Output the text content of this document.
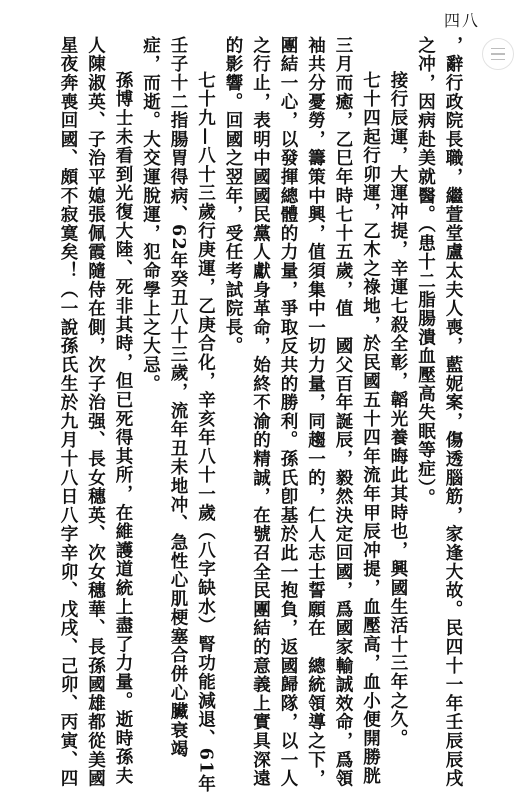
四八

，辭行政院長職，繼萱堂盧太夫人喪，藍妮案，傷透腦筋，家逢大故。民四十一年壬辰辰戌之冲，因病赴美就醫。（患十二脂腸潰血壓高失眠等症）。

接行辰運，大運冲提，辛運七殺全彰，韜光養晦此其時也，興國生活十三年之久。

七十四起行卯運，乙木之祿地，於民國五十四年流年甲辰冲提，血壓高，血小便開勝胱三月而癒，乙巳年時七十五歲，值　國父百年誕辰，毅然決定回國，爲國家輸誠效命，爲領袖共分憂勞，籌策中興，值須集中一切力量，同趨一的，仁人志士誓願在　總統領導之下，團結一心，以發揮總體的力量，爭取反共的勝利。孫氏卽基於此一抱負，返國歸隊，以一人之行止，表明中國國民黨人獻身革命，始終不渝的精誠，在號召全民團結的意義上實具深遠的影響。回國之翌年，受任考試院長。

七十九—八十三歲行庚運，乙庚合化，辛亥年八十一歲（八字缺水）腎功能減退、61年壬子十二指腸胃得病、62年癸丑八十三歲，流年丑未地冲、急性心肌梗塞合併心臟衰竭症，而逝。大交運脫運，犯命學上之大忌。

孫博士未看到光復大陸、死非其時，但已死得其所，在維護道統上盡了力量。逝時孫夫人陳淑英、子治平媳張佩霞隨侍在側，次子治强、長女穗英、次女穗華、長孫國雄都從美國星夜奔喪回國、頗不寂寞矣！（一說孫氏生於九月十八日八字辛卯、戊戌、己卯、丙寅、四
